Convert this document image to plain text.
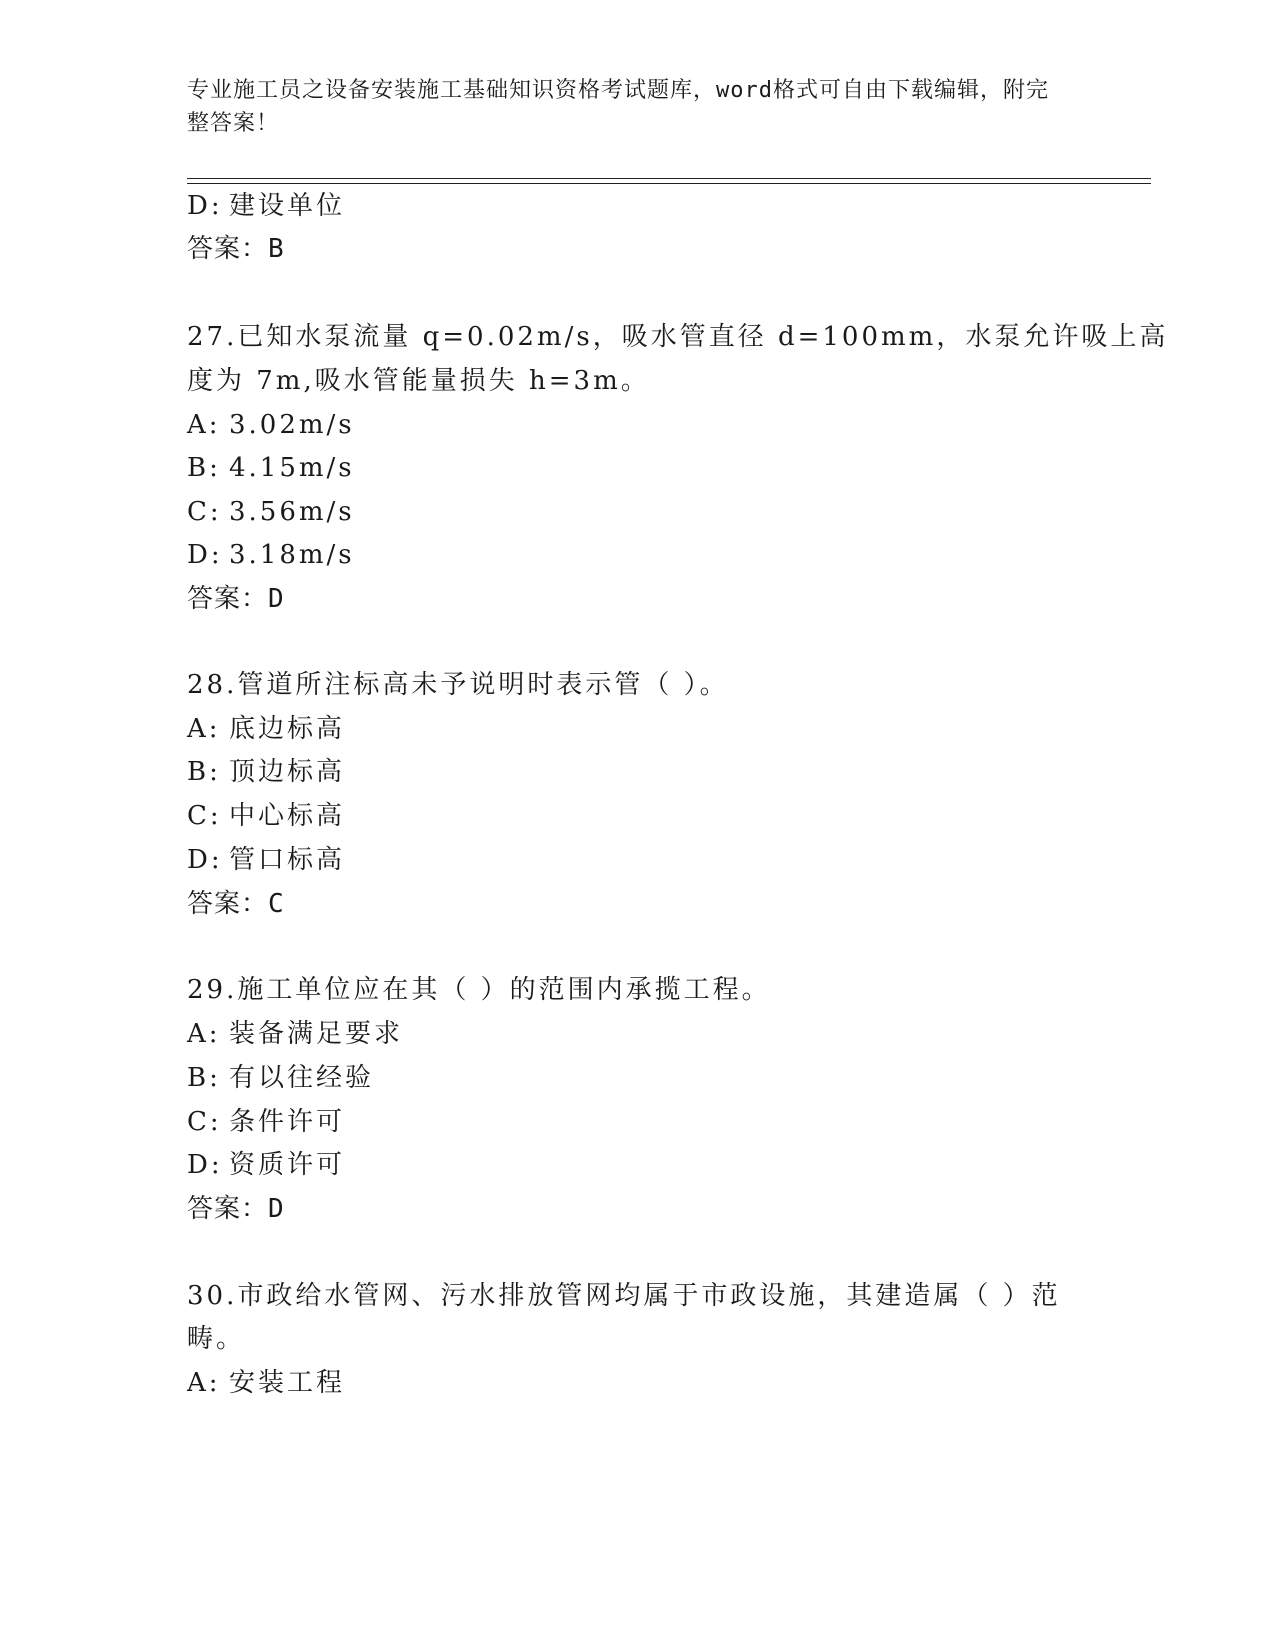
专业施工员之设备安装施工基础知识资格考试题库，word格式可自由下载编辑，附完整答案！
D: 建设单位
答案：B
27.已知水泵流量 q=0.02m/s，吸水管直径 d=100mm，水泵允许吸上高
度为 7m,吸水管能量损失 h=3m。
A: 3.02m/s
B: 4.15m/s
C: 3.56m/s
D: 3.18m/s
答案：D
28.管道所注标高未予说明时表示管（ ）。
A: 底边标高
B: 顶边标高
C: 中心标高
D: 管口标高
答案：C
29.施工单位应在其（ ）的范围内承揽工程。
A: 装备满足要求
B: 有以往经验
C: 条件许可
D: 资质许可
答案：D
30.市政给水管网、污水排放管网均属于市政设施，其建造属（ ）范
畴。
A: 安装工程
